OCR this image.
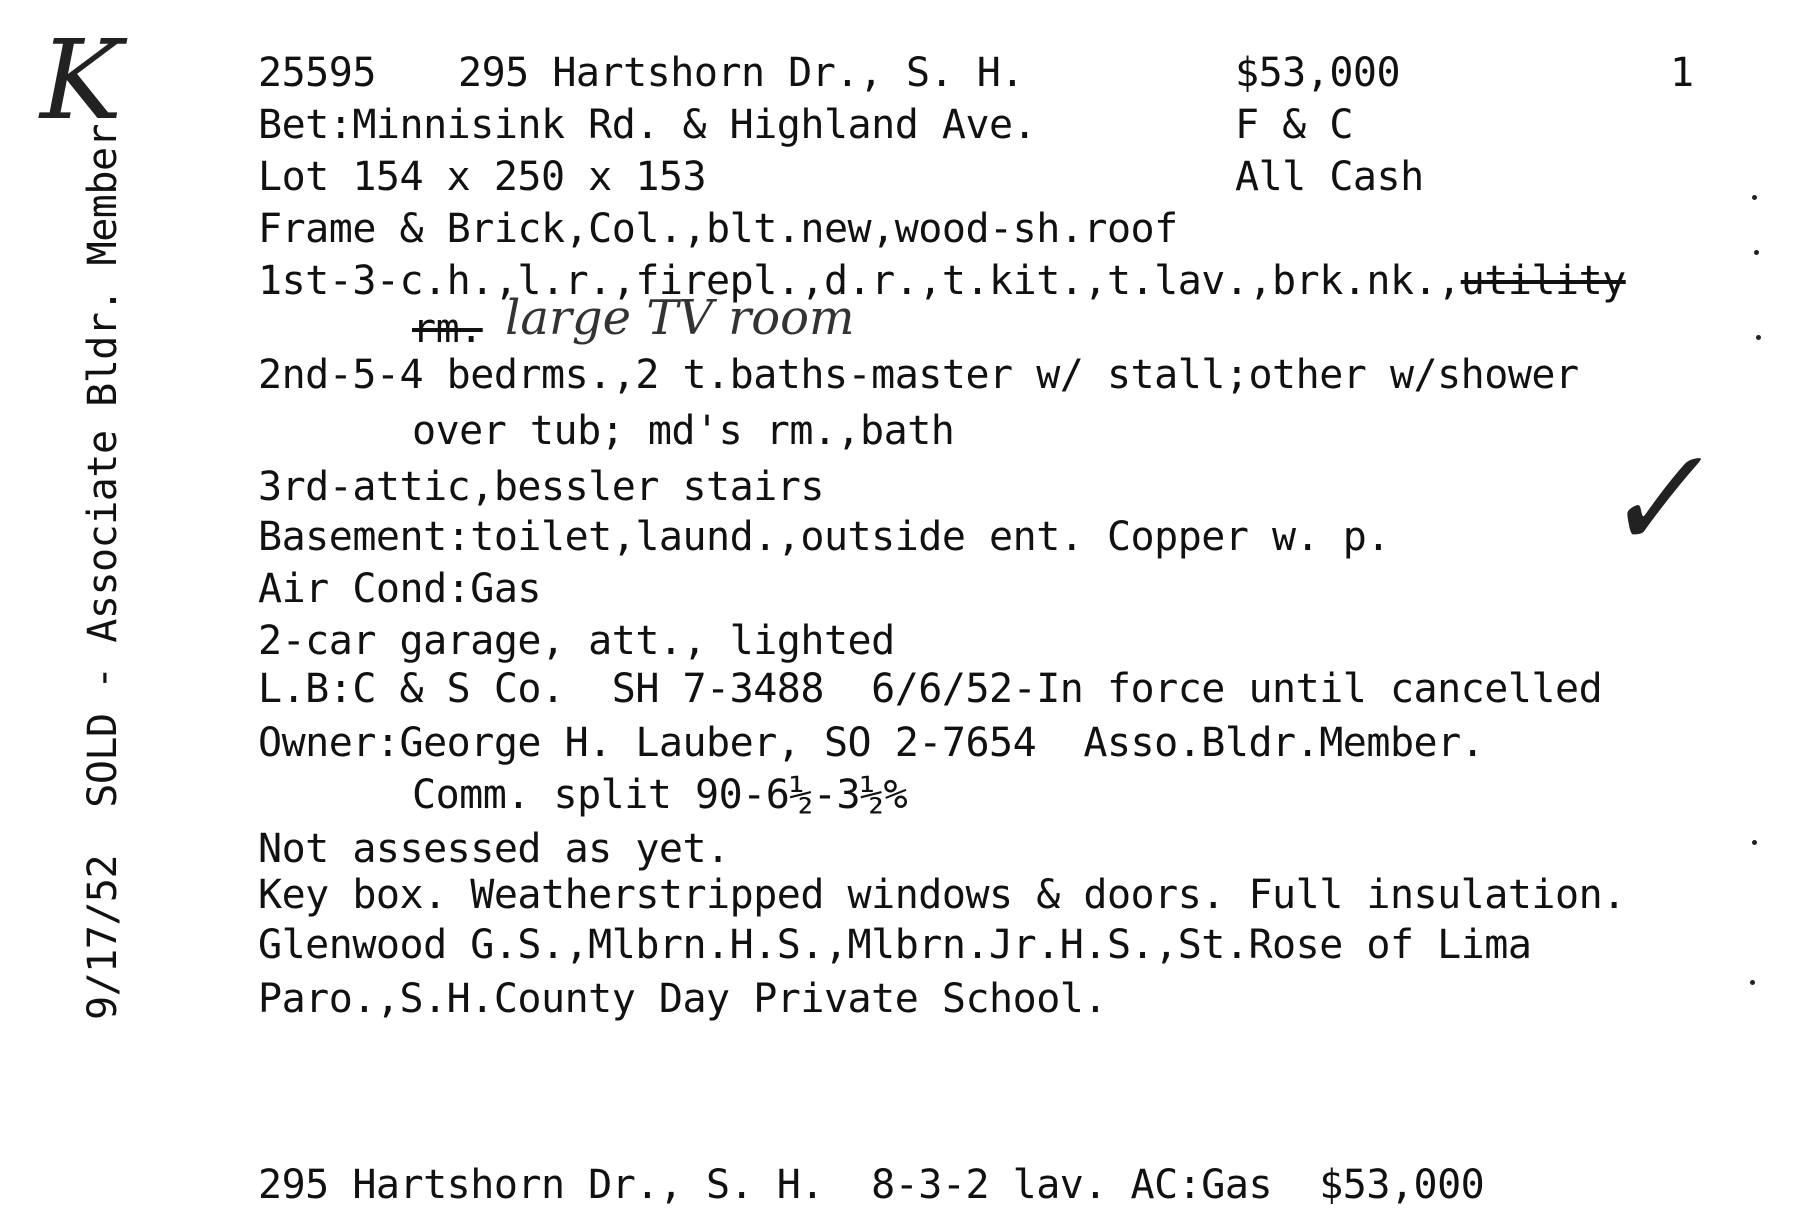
K
9/17/52  SOLD - Associate Bldr. Member
25595 295 Hartshorn Dr., S. H.	$53,000	1
Bet:Minnisink Rd. & Highland Ave.	F & C
Lot 154 x 250 x 153	All Cash
Frame & Brick,Col.,blt.new,wood-sh.roof
1st-3-c.h.,l.r.,firepl.,d.r.,t.kit.,t.lav.,brk.nk.,utility
rm. large TV room
2nd-5-4 bedrms.,2 t.baths-master w/ stall;other w/shower
over tub; md's rm.,bath
3rd-attic,bessler stairs
Basement:toilet,laund.,outside ent. Copper w. p. ✓
Air Cond:Gas
2-car garage, att., lighted
L.B:C & S Co.  SH 7-3488  6/6/52-In force until cancelled
Owner:George H. Lauber, SO 2-7654  Asso.Bldr.Member.
Comm. split 90-6½-3½%
Not assessed as yet.
Key box. Weatherstripped windows & doors. Full insulation.
Glenwood G.S.,Mlbrn.H.S.,Mlbrn.Jr.H.S.,St.Rose of Lima
Paro.,S.H.County Day Private School.
295 Hartshorn Dr., S. H.  8-3-2 lav. AC:Gas  $53,000
